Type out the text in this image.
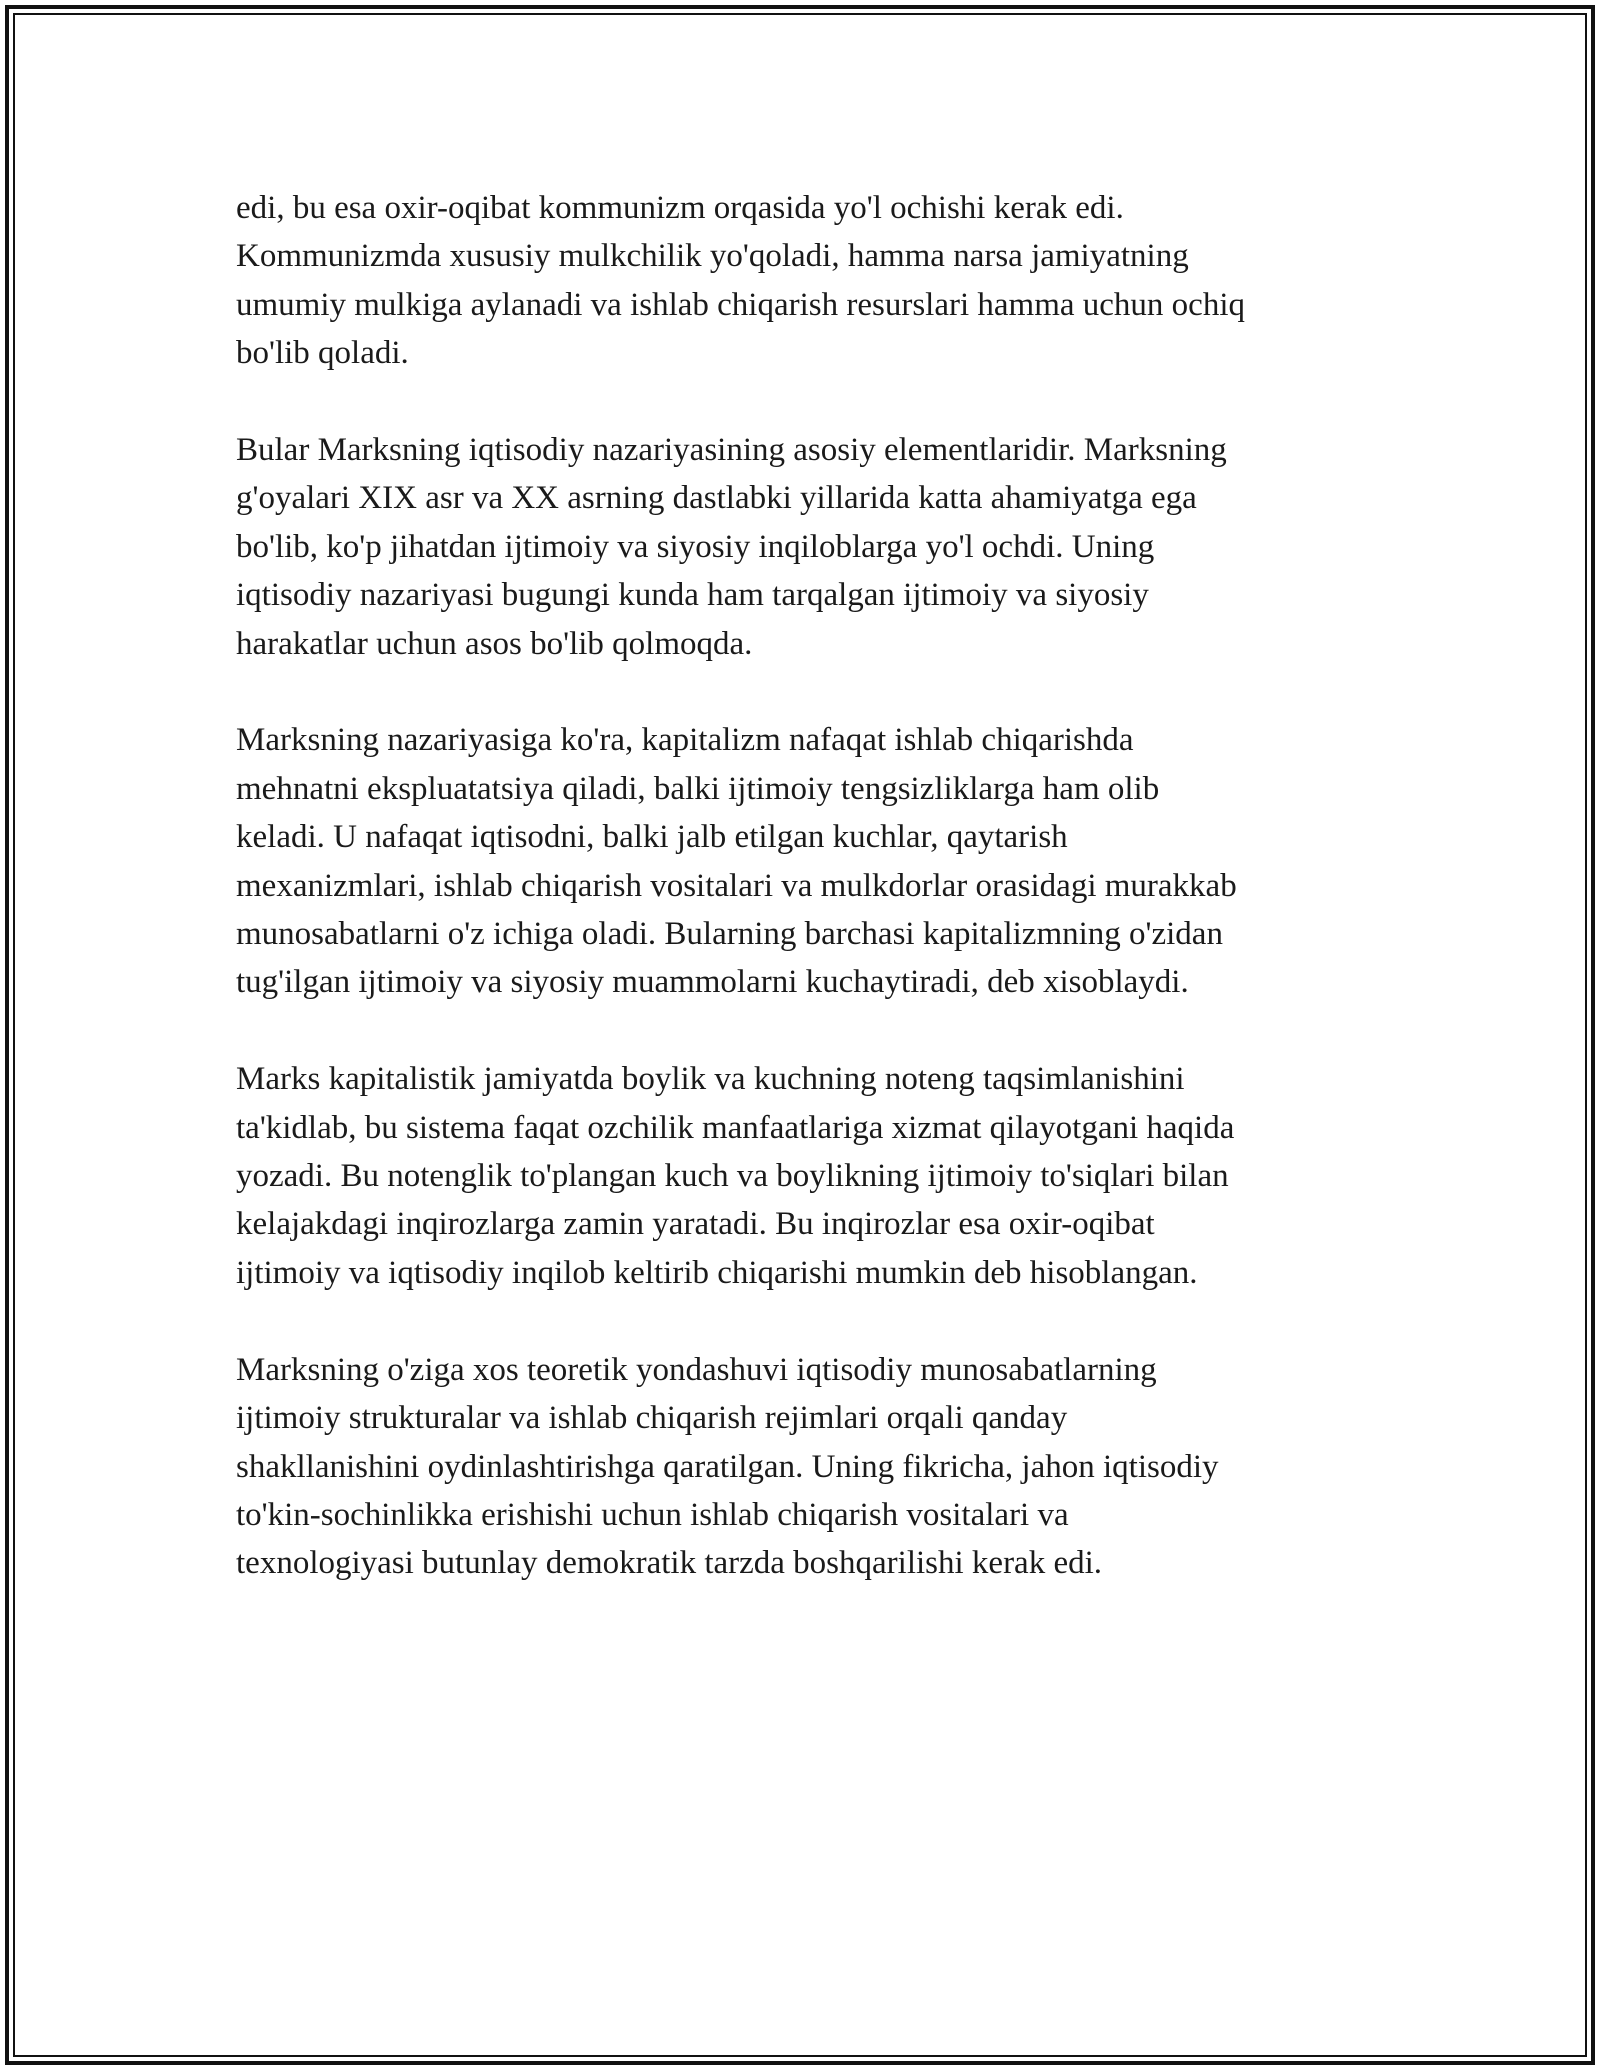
edi, bu esa oxir-oqibat kommunizm orqasida yo'l ochishi kerak edi.
Kommunizmda xususiy mulkchilik yo'qoladi, hamma narsa jamiyatning
umumiy mulkiga aylanadi va ishlab chiqarish resurslari hamma uchun ochiq
bo'lib qoladi.

Bular Marksning iqtisodiy nazariyasining asosiy elementlaridir. Marksning
g'oyalari XIX asr va XX asrning dastlabki yillarida katta ahamiyatga ega
bo'lib, ko'p jihatdan ijtimoiy va siyosiy inqiloblarga yo'l ochdi. Uning
iqtisodiy nazariyasi bugungi kunda ham tarqalgan ijtimoiy va siyosiy
harakatlar uchun asos bo'lib qolmoqda.

Marksning nazariyasiga ko'ra, kapitalizm nafaqat ishlab chiqarishda
mehnatni ekspluatatsiya qiladi, balki ijtimoiy tengsizliklarga ham olib
keladi. U nafaqat iqtisodni, balki jalb etilgan kuchlar, qaytarish
mexanizmlari, ishlab chiqarish vositalari va mulkdorlar orasidagi murakkab
munosabatlarni o'z ichiga oladi. Bularning barchasi kapitalizmning o'zidan
tug'ilgan ijtimoiy va siyosiy muammolarni kuchaytiradi, deb xisoblaydi.

Marks kapitalistik jamiyatda boylik va kuchning noteng taqsimlanishini
ta'kidlab, bu sistema faqat ozchilik manfaatlariga xizmat qilayotgani haqida
yozadi. Bu notenglik to'plangan kuch va boylikning ijtimoiy to'siqlari bilan
kelajakdagi inqirozlarga zamin yaratadi. Bu inqirozlar esa oxir-oqibat
ijtimoiy va iqtisodiy inqilob keltirib chiqarishi mumkin deb hisoblangan.

Marksning o'ziga xos teoretik yondashuvi iqtisodiy munosabatlarning
ijtimoiy strukturalar va ishlab chiqarish rejimlari orqali qanday
shakllanishini oydinlashtirishga qaratilgan. Uning fikricha, jahon iqtisodiy
to'kin-sochinlikka erishishi uchun ishlab chiqarish vositalari va
texnologiyasi butunlay demokratik tarzda boshqarilishi kerak edi.
